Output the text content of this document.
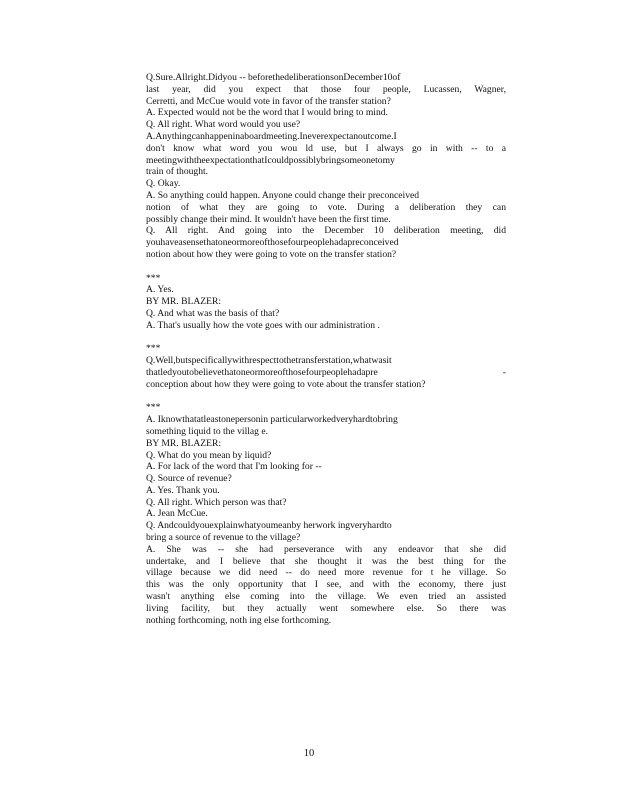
Q.Sure.Allright.Didyou -- beforethedeliberationsonDecember10of
last year, did you expect that those four people, Lucassen, Wagner,
Cerretti, and McCue would vote in favor of the transfer station?
A. Expected would not be the word that I would bring to mind.
Q. All right. What word would you use?
A.Anythingcanhappeninaboardmeeting.Ineverexpectanoutcome.I
don't know what word you wou ld use, but I always go in with -- to a
meetingwiththeexpectationthatIcouldpossiblybringsomeonetomy
train of thought.
Q. Okay.
A. So anything could happen. Anyone could change their preconceived
notion of what they are going to vote. During a deliberation they can
possibly change their mind. It wouldn't have been the first time.
Q. All right. And going into the December 10 deliberation meeting, did
youhaveasensethatoneormoreofthosefourpeoplehadapreconceived
notion about how they were going to vote on the transfer station?
***
A. Yes.
BY MR. BLAZER:
Q. And what was the basis of that?
A. That's usually how the vote goes with our administration .
***
Q.Well,butspecificallywithrespecttothetransferstation,whatwasit
thatledyoutobelievethatoneormoreofthosefourpeoplehadapre -
conception about how they were going to vote about the transfer station?
***
A. Iknowthatatleastonepersonin particularworkedveryhardtobring
something liquid to the villag e.
BY MR. BLAZER:
Q. What do you mean by liquid?
A. For lack of the word that I'm looking for --
Q. Source of revenue?
A. Yes. Thank you.
Q. All right. Which person was that?
A. Jean McCue.
Q. Andcouldyouexplainwhatyoumeanby herwork ingveryhardto
bring a source of revenue to the village?
A. She was -- she had perseverance with any endeavor that she did
undertake, and I believe that she thought it was the best thing for the
village because we did need -- do need more revenue for t he village. So
this was the only opportunity that I see, and with the economy, there just
wasn't anything else coming into the village. We even tried an assisted
living facility, but they actually went somewhere else. So there was
nothing forthcoming, noth ing else forthcoming.
10
